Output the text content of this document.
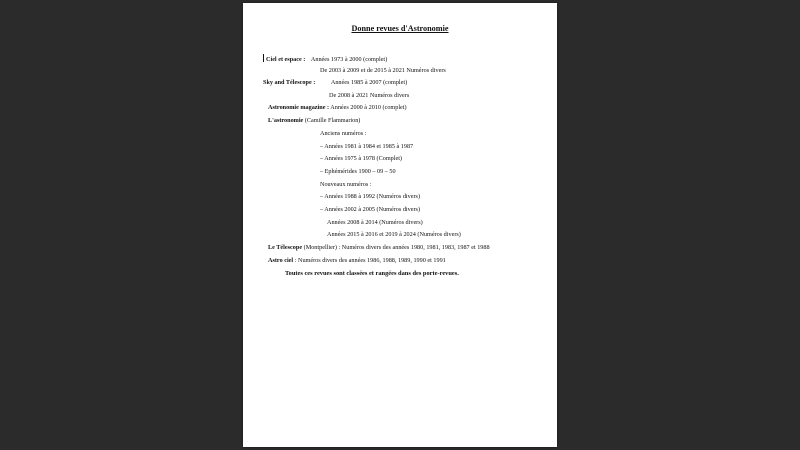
Donne revues d'Astronomie
Ciel et espace : Années 1973 à 2000 (complet)
De 2003 à 2009 et de 2015 à 2021 Numéros divers
Sky and Télescope :	Années 1985 à 2007 (complet)
De 2008 à 2021 Numéros divers
Astronomie magazine : Années 2000 à 2010 (complet)
L'astronomie (Camille Flammarion)
Anciens numéros :
– Années 1981 à 1984 et 1985 à 1987
– Années 1975 à 1978 (Complet)
– Ephémérides 1900 – 09 – 50
Nouveaux numéros :
– Années 1988 à 1992 (Numéros divers)
– Années 2002 à 2005 (Numéros divers)
Années 2008 à 2014 (Numéros divers)
Années 2015 à 2016 et 2019 à 2024 (Numéros divers)
Le Télescope (Montpellier) : Numéros divers des années 1980, 1981, 1983, 1987 et 1988
Astro ciel : Numéros divers des années 1986, 1988, 1989, 1990 et 1991
Toutes ces revues sont classées et rangées dans des porte-revues.
